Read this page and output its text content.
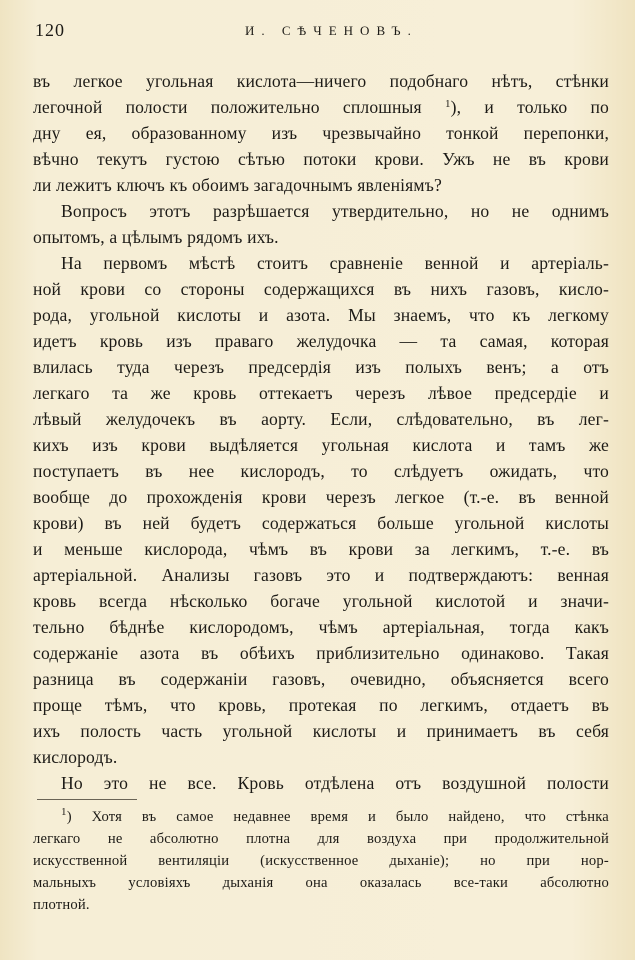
120	И. СѢЧЕНОВЪ.
въ легкое угольная кислота—ничего подобнаго нѣтъ, стѣнки
легочной полости положительно сплошныя $^1$), и только по
дну ея, образованному изъ чрезвычайно тонкой перепонки,
вѣчно текутъ густою сѣтью потоки крови. Ужъ не въ крови
ли лежитъ ключъ къ обоимъ загадочнымъ явленiямъ?
Вопросъ этотъ разрѣшается утвердительно, но не однимъ
опытомъ, а цѣлымъ рядомъ ихъ.
На первомъ мѣстѣ стоитъ сравненiе венной и артерiаль-
ной крови со стороны содержащихся въ нихъ газовъ, кисло-
рода, угольной кислоты и азота. Мы знаемъ, что къ легкому
идетъ кровь изъ праваго желудочка — та самая, которая
влилась туда черезъ предсердiя изъ полыхъ венъ; а отъ
легкаго та же кровь оттекаетъ черезъ лѣвое предсердiе и
лѣвый желудочекъ въ аорту. Если, слѣдовательно, въ лег-
кихъ изъ крови выдѣляется угольная кислота и тамъ же
поступаетъ въ нее кислородъ, то слѣдуетъ ожидать, что
вообще до прохожденiя крови черезъ легкое (т.-е. въ венной
крови) въ ней будетъ содержаться больше угольной кислоты
и меньше кислорода, чѣмъ въ крови за легкимъ, т.-е. въ
артерiальной. Анализы газовъ это и подтверждаютъ: венная
кровь всегда нѣсколько богаче угольной кислотой и значи-
тельно бѣднѣе кислородомъ, чѣмъ артерiальная, тогда какъ
содержанiе азота въ обѣихъ приблизительно одинаково. Такая
разница въ содержанiи газовъ, очевидно, объясняется всего
проще тѣмъ, что кровь, протекая по легкимъ, отдаетъ въ
ихъ полость часть угольной кислоты и принимаетъ въ себя
кислородъ.
Но это не все. Кровь отдѣлена отъ воздушной полости
$^1$) Хотя въ самое недавнее время и было найдено, что стѣнка
легкаго не абсолютно плотна для воздуха при продолжительной
искусственной вентиляцiи (искусственное дыханiе); но при нор-
мальныхъ условiяхъ дыханiя она оказалась все-таки абсолютно
плотной.
